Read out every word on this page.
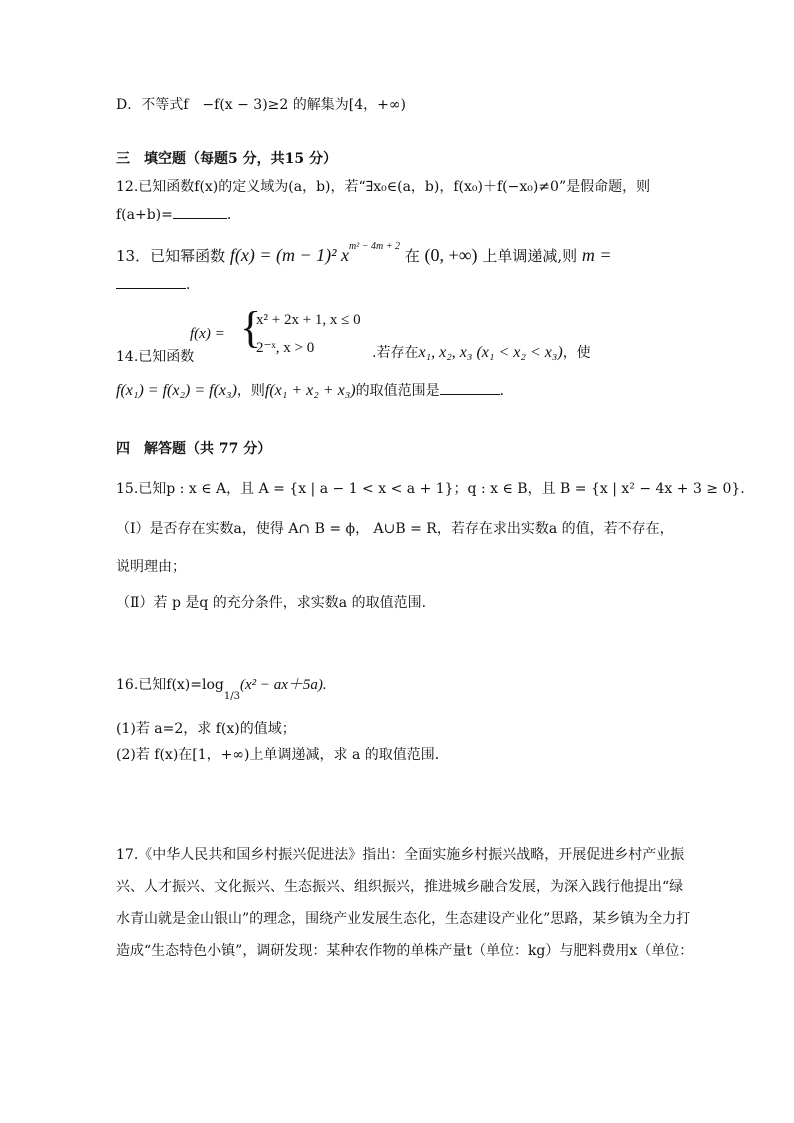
D．不等式f　−f(x − 3)≥2 的解集为[4，+∞)
三　填空题（每题5 分，共15 分）
12.已知函数f(x)的定义域为(a，b)，若“∃x₀∈(a，b)，f(x₀)＋f(−x₀)≠0”是假命题，则
f(a+b)=	．
13．已知幂函数 f(x) = (m − 1)² $x^{m^2 - 4m + 2}$ 在 (0, +∞) 上单调递减,则 m =
．
f(x) = {
x² + 2x + 1, x ≤ 0
2⁻ˣ, x > 0
14.已知函数	.若存在x₁, x₂, x₃ (x₁ < x₂ < x₃)，使
f(x₁) = f(x₂) = f(x₃)，则f(x₁ + x₂ + x₃)的取值范围是	．
四　解答题（共 77 分）
15.已知p : x ∈ A，且 A = {x | a − 1 < x < a + 1}；q : x ∈ B，且 B = {x | x² − 4x + 3 ≥ 0}.
（Ⅰ）是否存在实数a，使得 A∩ B = ϕ， A∪B = R，若存在求出实数a 的值，若不存在，
说明理由；
（Ⅱ）若 p 是q 的充分条件，求实数a 的取值范围.
16.已知$f(x)=\log_{1/3}(x^2 - ax+5a)$.
(1)若 a=2，求 f(x)的值域；
(2)若 f(x)在[1，+∞)上单调递减，求 a 的取值范围．
17.《中华人民共和国乡村振兴促进法》指出：全面实施乡村振兴战略，开展促进乡村产业振
兴、人才振兴、文化振兴、生态振兴、组织振兴，推进城乡融合发展，为深入践行他提出“绿
水青山就是金山银山”的理念，围绕产业发展生态化，生态建设产业化”思路，某乡镇为全力打
造成“生态特色小镇”，调研发现：某种农作物的单株产量t（单位：kg）与肥料费用x（单位：
